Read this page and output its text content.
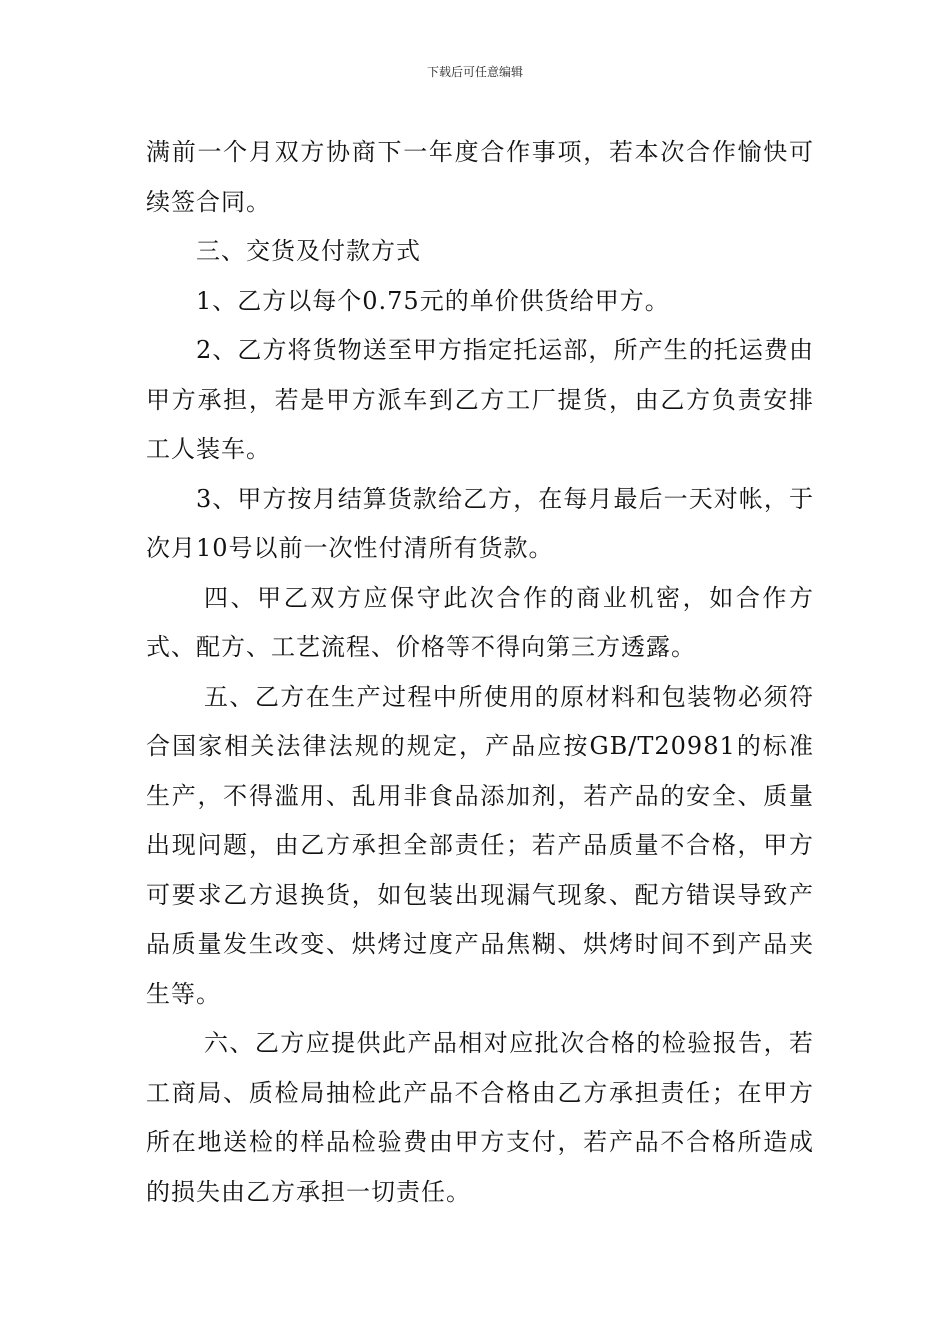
下载后可任意编辑

满前一个月双方协商下一年度合作事项，若本次合作愉快可续签合同。

三、交货及付款方式

1、乙方以每个0.75元的单价供货给甲方。

2、乙方将货物送至甲方指定托运部，所产生的托运费由甲方承担，若是甲方派车到乙方工厂提货，由乙方负责安排工人装车。

3、甲方按月结算货款给乙方，在每月最后一天对帐，于次月10号以前一次性付清所有货款。

四、甲乙双方应保守此次合作的商业机密，如合作方式、配方、工艺流程、价格等不得向第三方透露。

五、乙方在生产过程中所使用的原材料和包装物必须符合国家相关法律法规的规定，产品应按GB/T20981的标准生产，不得滥用、乱用非食品添加剂，若产品的安全、质量出现问题，由乙方承担全部责任；若产品质量不合格，甲方可要求乙方退换货，如包装出现漏气现象、配方错误导致产品质量发生改变、烘烤过度产品焦糊、烘烤时间不到产品夹生等。

六、乙方应提供此产品相对应批次合格的检验报告，若工商局、质检局抽检此产品不合格由乙方承担责任；在甲方所在地送检的样品检验费由甲方支付，若产品不合格所造成的损失由乙方承担一切责任。
